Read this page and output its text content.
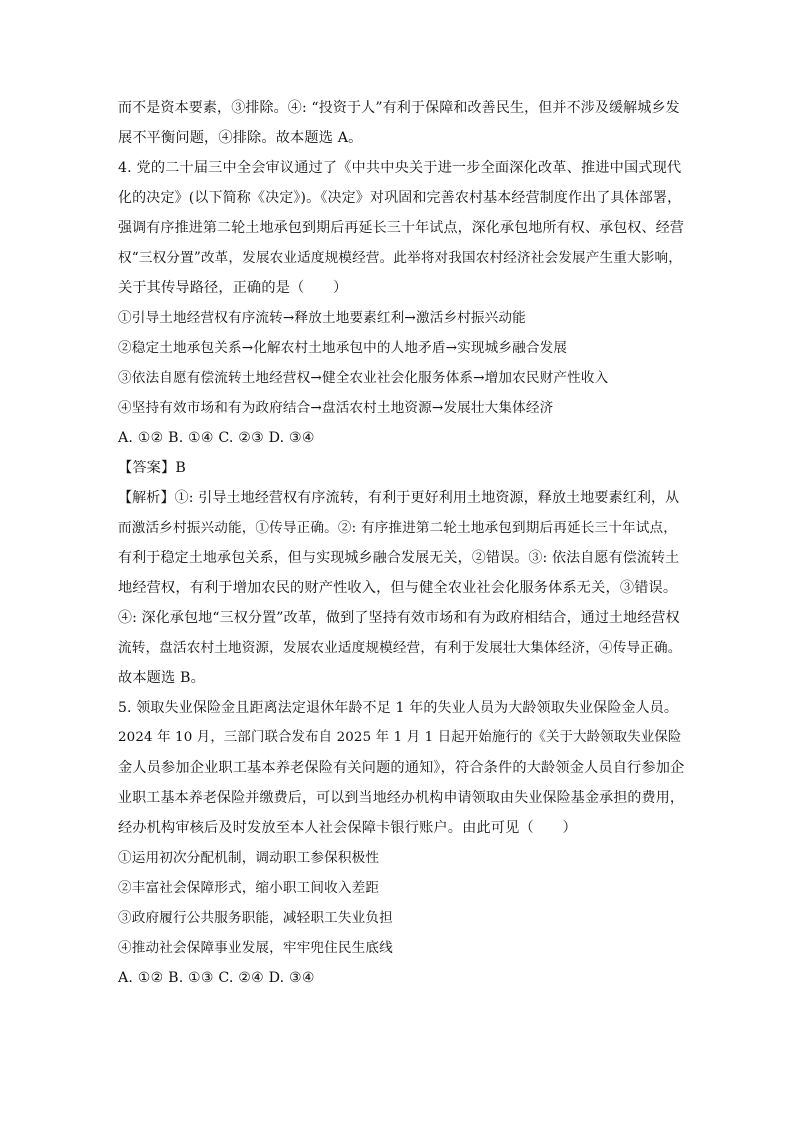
而不是资本要素，③排除。④: “投资于人”有利于保障和改善民生，但并不涉及缓解城乡发
展不平衡问题，④排除。故本题选 A。
4. 党的二十届三中全会审议通过了《中共中央关于进一步全面深化改革、推进中国式现代
化的决定》(以下简称《决定》)。《决定》对巩固和完善农村基本经营制度作出了具体部署，
强调有序推进第二轮土地承包到期后再延长三十年试点，深化承包地所有权、承包权、经营
权“三权分置”改革，发展农业适度规模经营。此举将对我国农村经济社会发展产生重大影响，
关于其传导路径，正确的是（　　）
①引导土地经营权有序流转→释放土地要素红利→激活乡村振兴动能
②稳定土地承包关系→化解农村土地承包中的人地矛盾→实现城乡融合发展
③依法自愿有偿流转土地经营权→健全农业社会化服务体系→增加农民财产性收入
④坚持有效市场和有为政府结合→盘活农村土地资源→发展壮大集体经济
A. ①② B. ①④ C. ②③ D. ③④
【答案】B
【解析】①: 引导土地经营权有序流转，有利于更好利用土地资源，释放土地要素红利，从
而激活乡村振兴动能，①传导正确。②: 有序推进第二轮土地承包到期后再延长三十年试点，
有利于稳定土地承包关系，但与实现城乡融合发展无关，②错误。③: 依法自愿有偿流转土
地经营权，有利于增加农民的财产性收入，但与健全农业社会化服务体系无关，③错误。
④: 深化承包地“三权分置”改革，做到了坚持有效市场和有为政府相结合，通过土地经营权
流转，盘活农村土地资源，发展农业适度规模经营，有利于发展壮大集体经济，④传导正确。
故本题选 B。
5. 领取失业保险金且距离法定退休年龄不足 1 年的失业人员为大龄领取失业保险金人员。
2024 年 10 月，三部门联合发布自 2025 年 1 月 1 日起开始施行的《关于大龄领取失业保险
金人员参加企业职工基本养老保险有关问题的通知》，符合条件的大龄领金人员自行参加企
业职工基本养老保险并缴费后，可以到当地经办机构申请领取由失业保险基金承担的费用，
经办机构审核后及时发放至本人社会保障卡银行账户。由此可见（　　）
①运用初次分配机制，调动职工参保积极性
②丰富社会保障形式，缩小职工间收入差距
③政府履行公共服务职能，减轻职工失业负担
④推动社会保障事业发展，牢牢兜住民生底线
A. ①② B. ①③ C. ②④ D. ③④
